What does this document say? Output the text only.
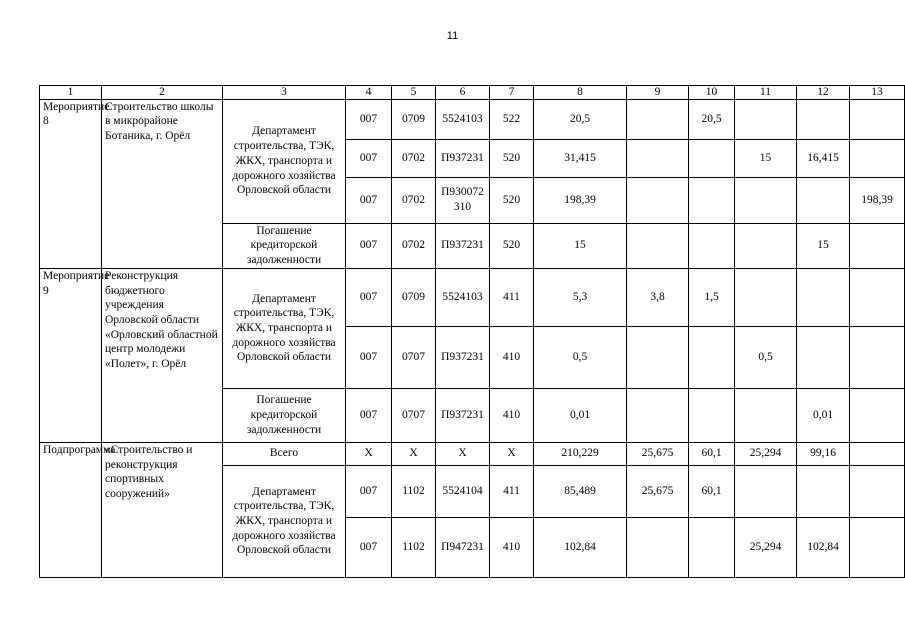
11
1	2	3	4	5	6	7	8	9	10	11	12	13
Мероприятие 8	Строительство школы в микрорайоне Ботаника, г. Орёл	Департамент строительства, ТЭК, ЖКХ, транспорта и дорожного хозяйства Орловской области	007	0709	5524103	522	20,5		20,5			
			007	0702	П937231	520	31,415			15	16,415	
			007	0702	П930072310	520	198,39					198,39
		Погашение кредиторской задолженности	007	0702	П937231	520	15				15	
Мероприятие 9	Реконструкция бюджетного учреждения Орловской области «Орловский областной центр молодежи «Полет», г. Орёл	Департамент строительства, ТЭК, ЖКХ, транспорта и дорожного хозяйства Орловской области	007	0709	5524103	411	5,3	3,8	1,5			
			007	0707	П937231	410	0,5			0,5		
		Погашение кредиторской задолженности	007	0707	П937231	410	0,01				0,01	
Подпрограмма	«Строительство и реконструкция спортивных сооружений»	Всего	Х	Х	Х	Х	210,229	25,675	60,1	25,294	99,16	
		Департамент строительства, ТЭК, ЖКХ, транспорта и дорожного хозяйства Орловской области	007	1102	5524104	411	85,489	25,675	60,1			
			007	1102	П947231	410	102,84			25,294	102,84	
